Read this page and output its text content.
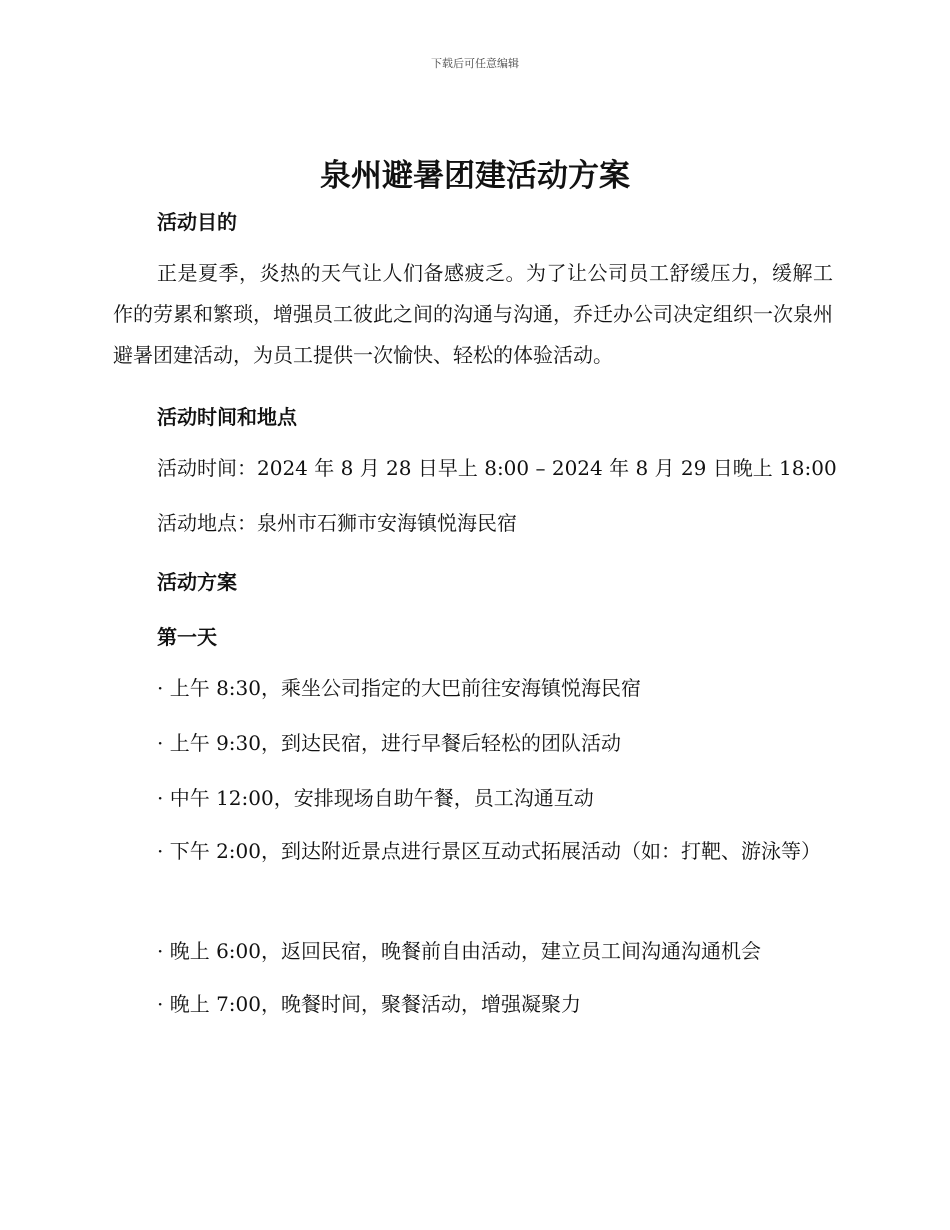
下载后可任意编辑
泉州避暑团建活动方案
活动目的
正是夏季，炎热的天气让人们备感疲乏。为了让公司员工舒缓压力，缓解工作的劳累和繁琐，增强员工彼此之间的沟通与沟通，乔迁办公司决定组织一次泉州避暑团建活动，为员工提供一次愉快、轻松的体验活动。
活动时间和地点
活动时间：2024 年 8 月 28 日早上 8:00 – 2024 年 8 月 29 日晚上 18:00
活动地点：泉州市石狮市安海镇悦海民宿
活动方案
第一天
· 上午 8:30，乘坐公司指定的大巴前往安海镇悦海民宿
· 上午 9:30，到达民宿，进行早餐后轻松的团队活动
· 中午 12:00，安排现场自助午餐，员工沟通互动
· 下午 2:00，到达附近景点进行景区互动式拓展活动（如：打靶、游泳等）
· 晚上 6:00，返回民宿，晚餐前自由活动，建立员工间沟通沟通机会
· 晚上 7:00，晚餐时间，聚餐活动，增强凝聚力
